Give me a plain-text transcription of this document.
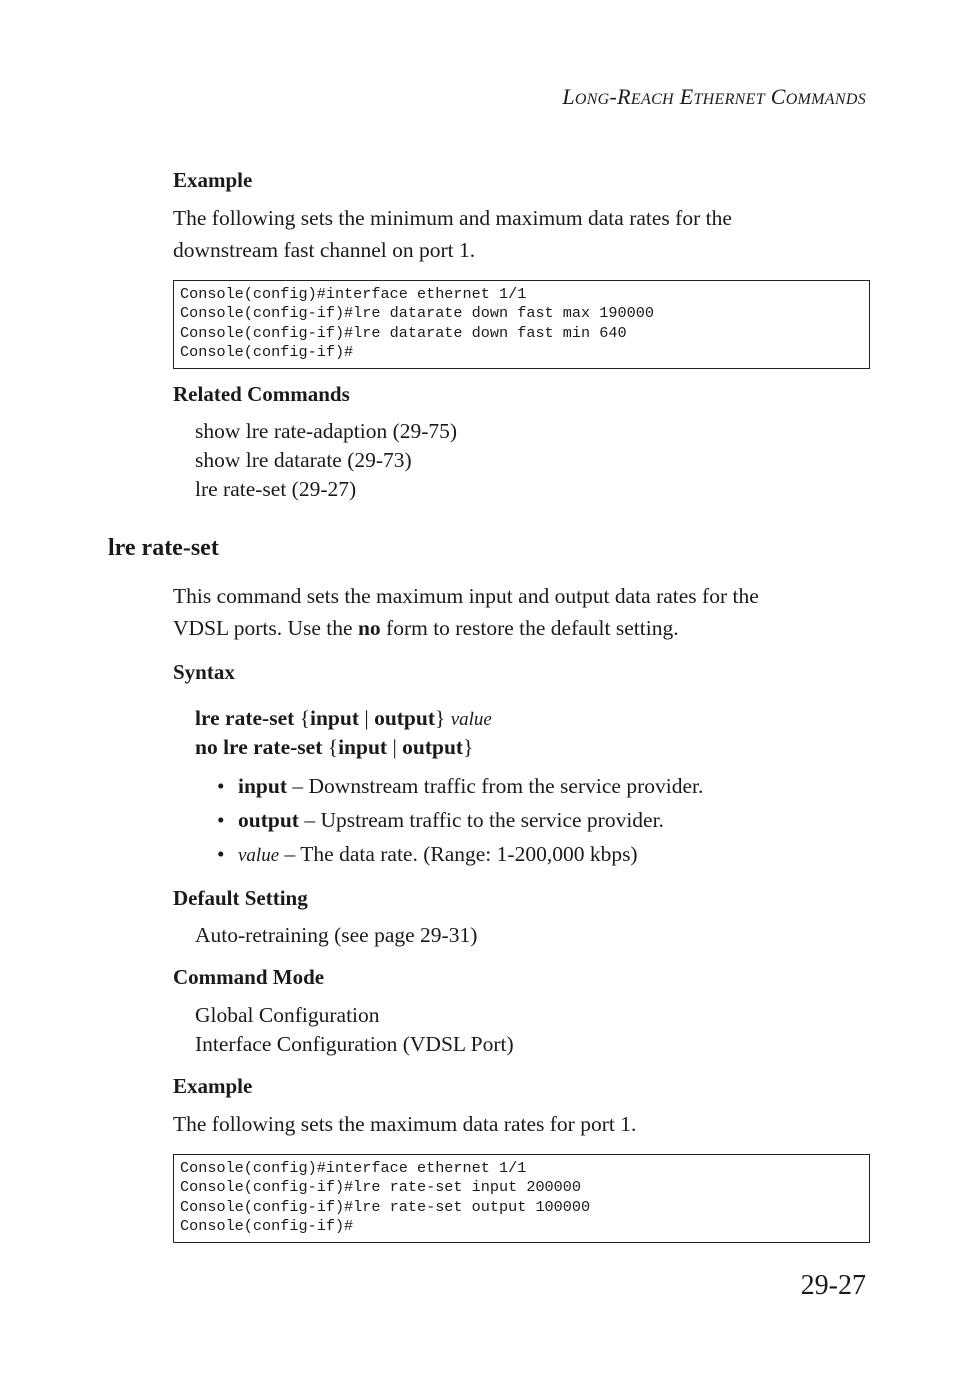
LONG-REACH ETHERNET COMMANDS
Example
The following sets the minimum and maximum data rates for the
downstream fast channel on port 1.
Console(config)#interface ethernet 1/1
Console(config-if)#lre datarate down fast max 190000
Console(config-if)#lre datarate down fast min 640
Console(config-if)#
Related Commands
show lre rate-adaption (29-75)
show lre datarate (29-73)
lre rate-set (29-27)
lre rate-set
This command sets the maximum input and output data rates for the
VDSL ports. Use the no form to restore the default setting.
Syntax
lre rate-set {input | output} value
no lre rate-set {input | output}
• input – Downstream traffic from the service provider.
• output – Upstream traffic to the service provider.
• value – The data rate. (Range: 1-200,000 kbps)
Default Setting
Auto-retraining (see page 29-31)
Command Mode
Global Configuration
Interface Configuration (VDSL Port)
Example
The following sets the maximum data rates for port 1.
Console(config)#interface ethernet 1/1
Console(config-if)#lre rate-set input 200000
Console(config-if)#lre rate-set output 100000
Console(config-if)#
29-27
